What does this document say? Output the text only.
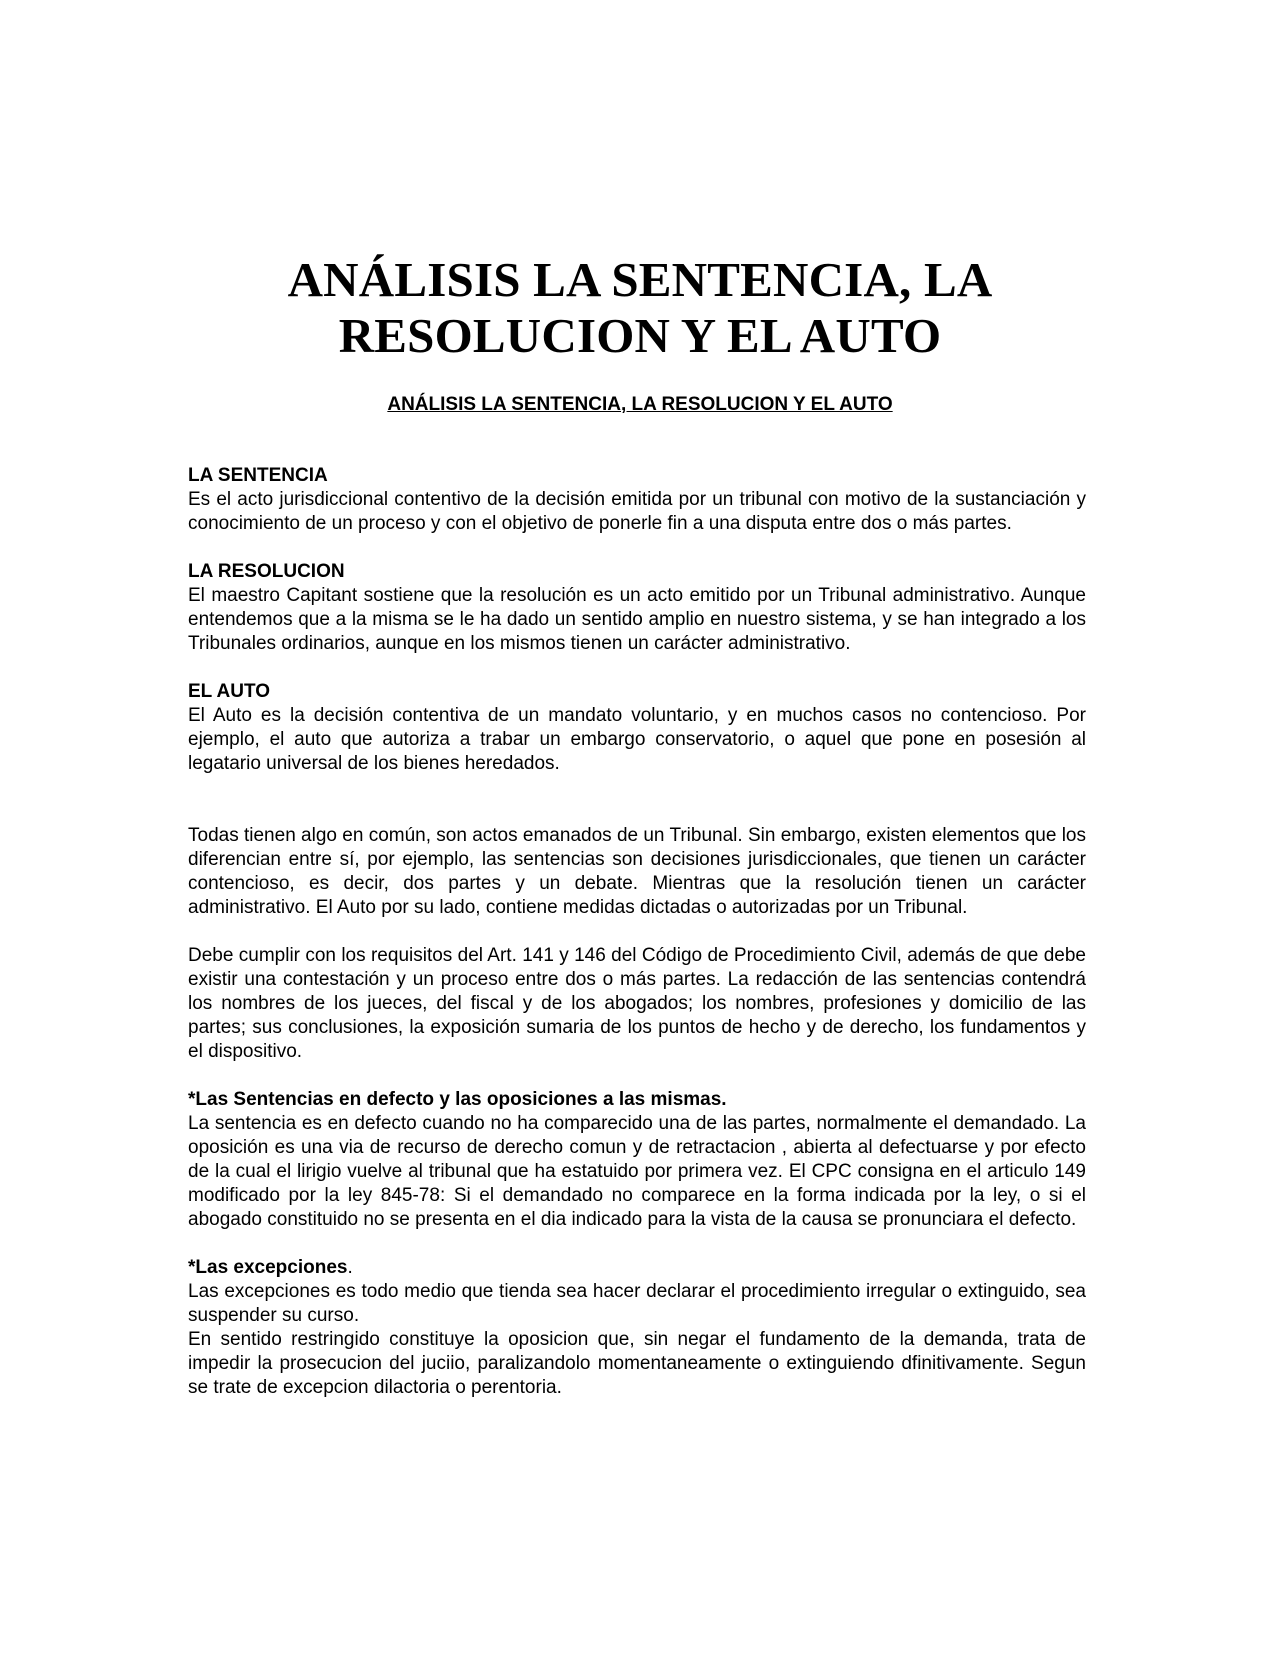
ANÁLISIS LA SENTENCIA, LA
RESOLUCION Y EL AUTO
ANÁLISIS LA SENTENCIA, LA RESOLUCION Y EL AUTO

LA SENTENCIA

Es el acto jurisdiccional contentivo de la decisión emitida por un tribunal con motivo de la sustanciación y conocimiento de un proceso y con el objetivo de ponerle fin a una disputa entre dos o más partes.

LA RESOLUCION

El maestro Capitant sostiene que la resolución es un acto emitido por un Tribunal administrativo. Aunque entendemos que a la misma se le ha dado un sentido amplio en nuestro sistema, y se han integrado a los Tribunales ordinarios, aunque en los mismos tienen un carácter administrativo.

EL AUTO

El Auto es la decisión contentiva de un mandato voluntario, y en muchos casos no contencioso. Por ejemplo, el auto que autoriza a trabar un embargo conservatorio, o aquel que pone en posesión al legatario universal de los bienes heredados.

Todas tienen algo en común, son actos emanados de un Tribunal. Sin embargo, existen elementos que los diferencian entre sí, por ejemplo, las sentencias son decisiones jurisdiccionales, que tienen un carácter contencioso, es decir, dos partes y un debate. Mientras que la resolución tienen un carácter administrativo. El Auto por su lado, contiene medidas dictadas o autorizadas por un Tribunal.

Debe cumplir con los requisitos del Art. 141 y 146 del Código de Procedimiento Civil, además de que debe existir una contestación y un proceso entre dos o más partes. La redacción de las sentencias contendrá los nombres de los jueces, del fiscal y de los abogados; los nombres, profesiones y domicilio de las partes; sus conclusiones, la exposición sumaria de los puntos de hecho y de derecho, los fundamentos y el dispositivo.

*Las Sentencias en defecto y las oposiciones a las mismas.

La sentencia es en defecto cuando no ha comparecido una de las partes, normalmente el demandado. La oposición es una via de recurso de derecho comun y de retractacion , abierta al defectuarse y por efecto de la cual el lirigio vuelve al tribunal que ha estatuido por primera vez. El CPC consigna en el articulo 149 modificado por la ley 845-78: Si el demandado no comparece en la forma indicada por la ley, o si el abogado constituido no se presenta en el dia indicado para la vista de la causa se pronunciara el defecto.

*Las excepciones.

Las excepciones es todo medio que tienda sea hacer declarar el procedimiento irregular o extinguido, sea suspender su curso.

En sentido restringido constituye la oposicion que, sin negar el fundamento de la demanda, trata de impedir la prosecucion del juciio, paralizandolo momentaneamente o extinguiendo dfinitivamente. Segun se trate de excepcion dilactoria o perentoria.
